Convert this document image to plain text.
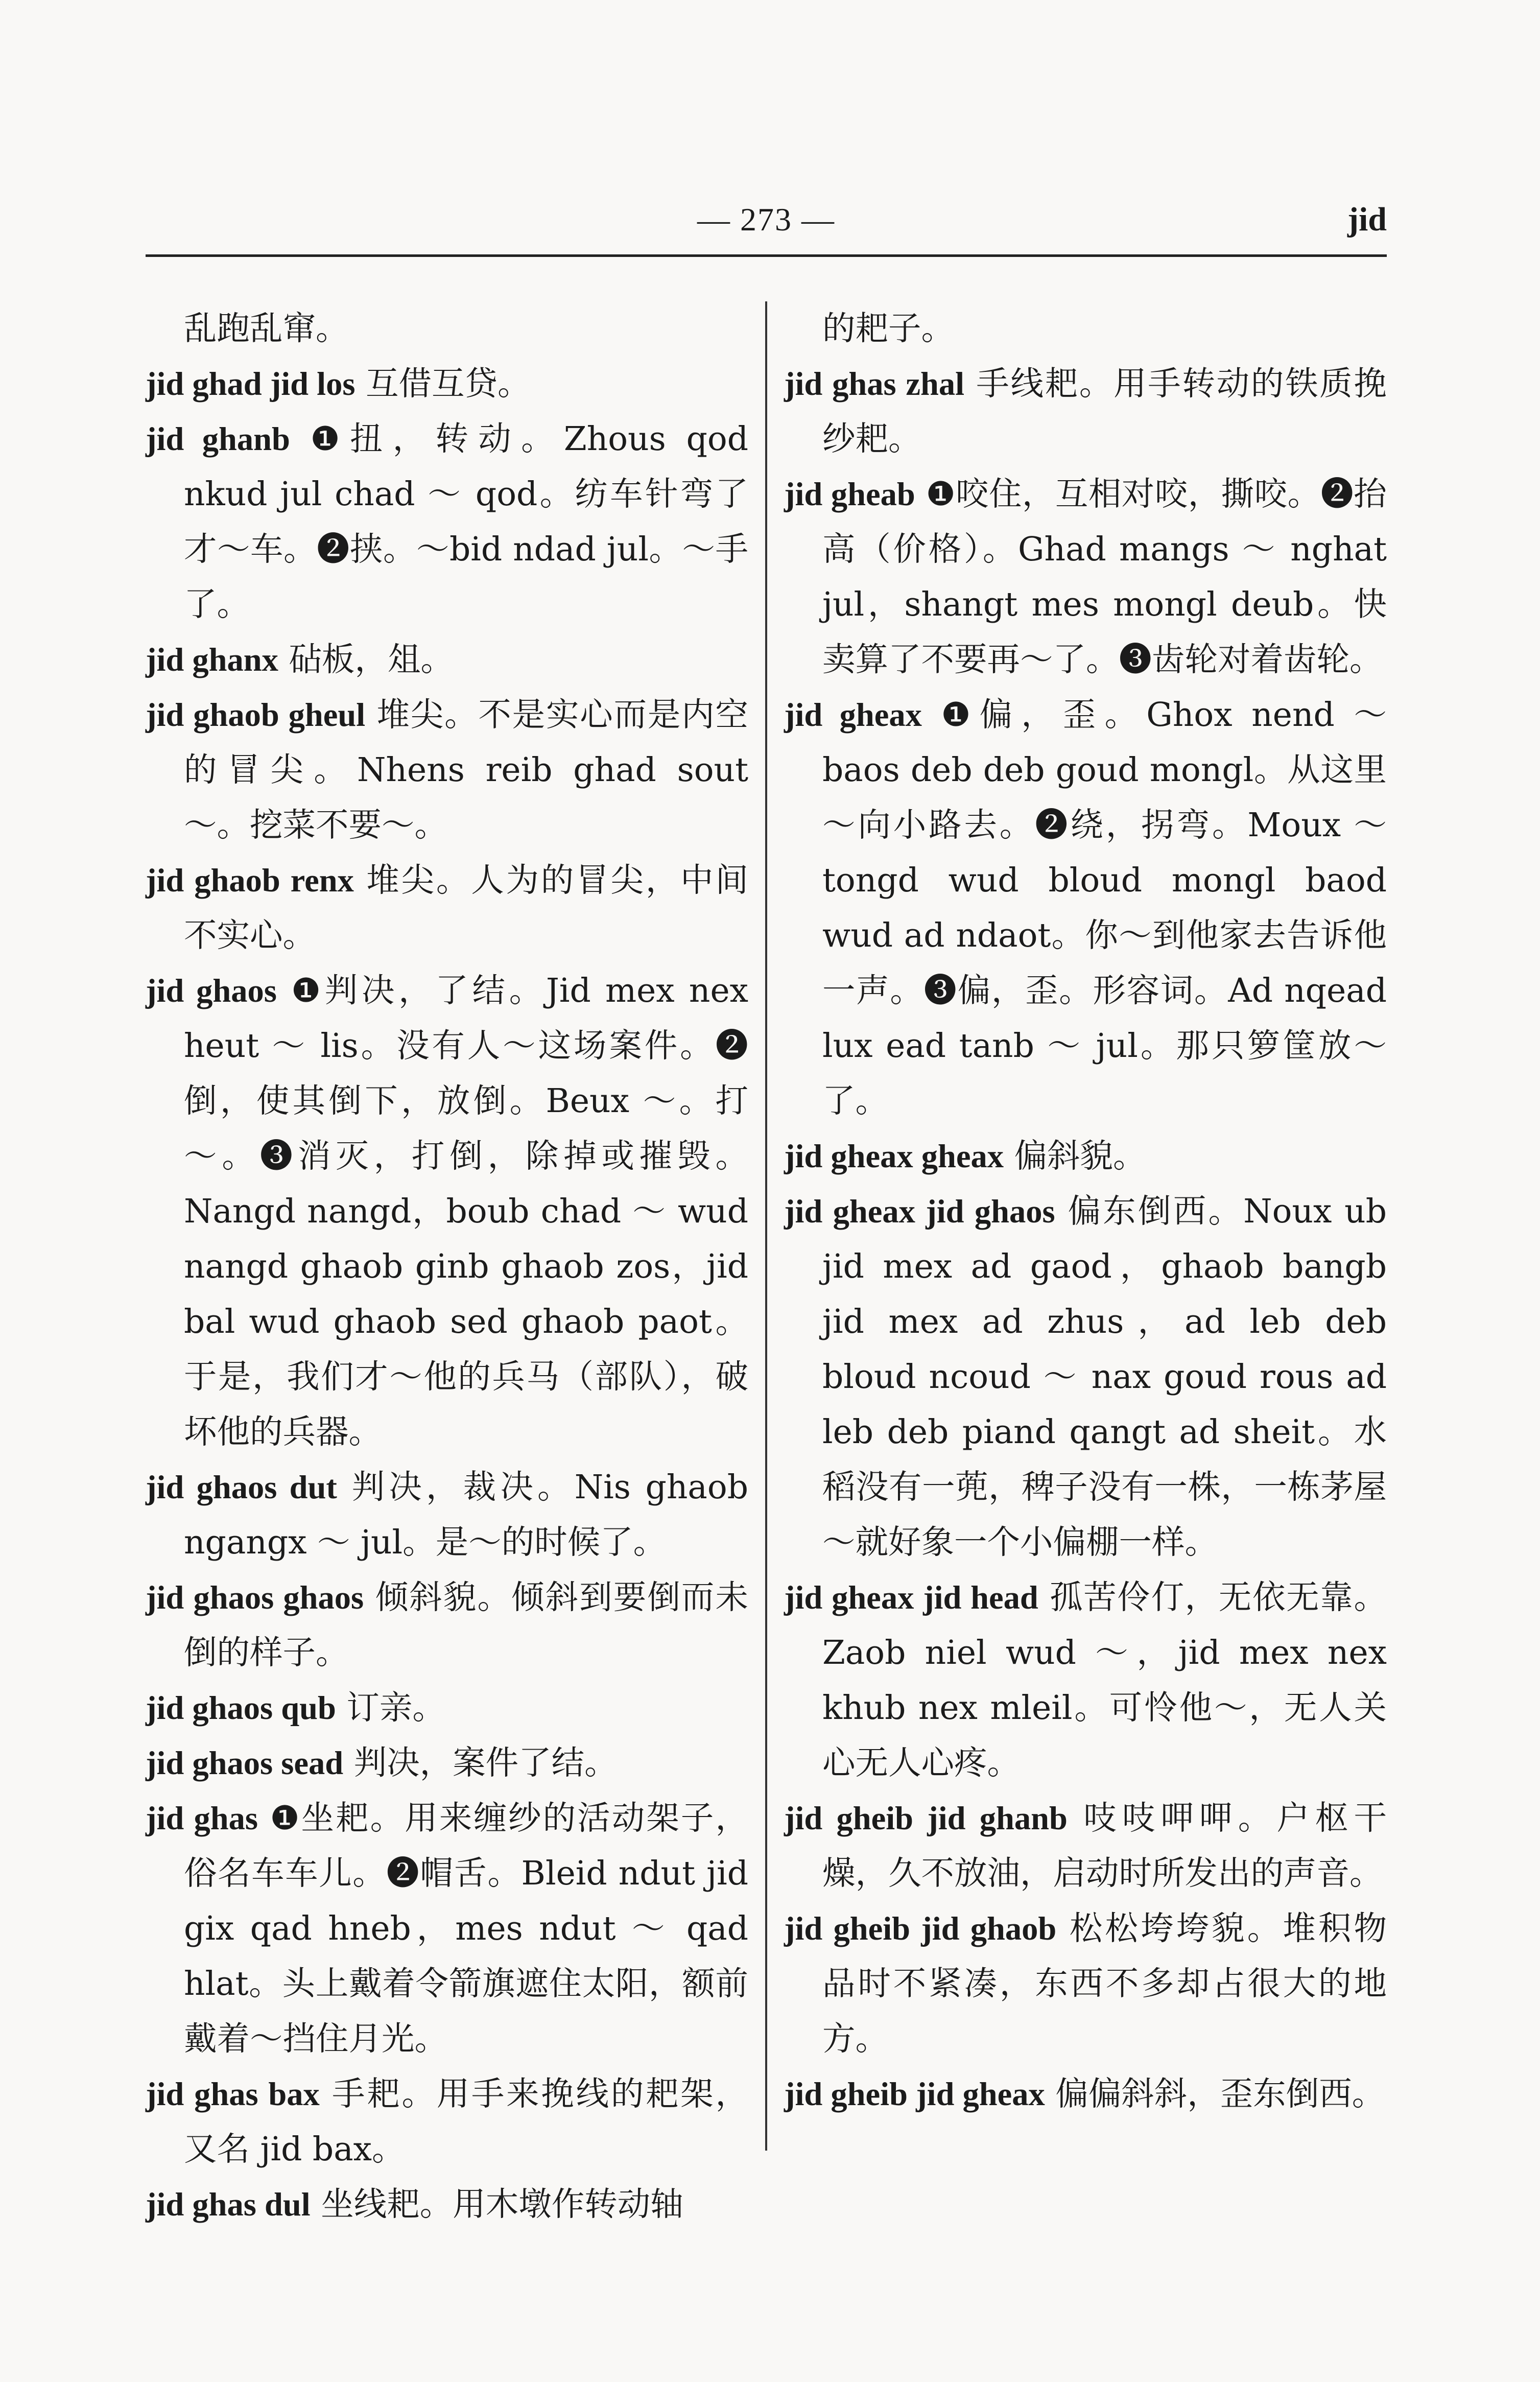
— 273 —	jid
乱跑乱窜。
jid ghad jid los 互借互贷。
jid ghanb ❶扭，转动。Zhous qod nkud jul chad ～ qod。纺车针弯了才～车。❷挟。～bid ndad jul。～手了。
jid ghanx 砧板，俎。
jid ghaob gheul 堆尖。不是实心而是内空的冒尖。Nhens reib ghad sout ～。挖菜不要～。
jid ghaob renx 堆尖。人为的冒尖，中间不实心。
jid ghaos ❶判决，了结。Jid mex nex heut ～ lis。没有人～这场案件。❷倒，使其倒下，放倒。Beux ～。打～。❸消灭，打倒，除掉或摧毁。Nangd nangd，boub chad ～ wud nangd ghaob ginb ghaob zos，jid bal wud ghaob sed ghaob paot。于是，我们才～他的兵马（部队），破坏他的兵器。
jid ghaos dut 判决，裁决。Nis ghaob ngangx ～ jul。是～的时候了。
jid ghaos ghaos 倾斜貌。倾斜到要倒而未倒的样子。
jid ghaos qub 订亲。
jid ghaos sead 判决，案件了结。
jid ghas ❶坐耙。用来缠纱的活动架子，俗名车车儿。❷帽舌。Bleid ndut jid gix qad hneb，mes ndut ～ qad hlat。头上戴着令箭旗遮住太阳，额前戴着～挡住月光。
jid ghas bax 手耙。用手来挽线的耙架，又名 jid bax。
jid ghas dul 坐线耙。用木墩作转动轴
的耙子。
jid ghas zhal 手线耙。用手转动的铁质挽纱耙。
jid gheab ❶咬住，互相对咬，撕咬。❷抬高（价格）。Ghad mangs ～ nghat jul，shangt mes mongl deub。快卖算了不要再～了。❸齿轮对着齿轮。
jid gheax ❶偏，歪。Ghox nend ～ baos deb deb goud mongl。从这里～向小路去。❷绕，拐弯。Moux ～ tongd wud bloud mongl baod wud ad ndaot。你～到他家去告诉他一声。❸偏，歪。形容词。Ad nqead lux ead tanb ～ jul。那只箩筐放～了。
jid gheax gheax 偏斜貌。
jid gheax jid ghaos 偏东倒西。Noux ub jid mex ad gaod，ghaob bangb jid mex ad zhus，ad leb deb bloud ncoud ～ nax goud rous ad leb deb piand qangt ad sheit。水稻没有一蔸，稗子没有一株，一栋茅屋～就好象一个小偏棚一样。
jid gheax jid head 孤苦伶仃，无依无靠。Zaob niel wud ～，jid mex nex khub nex mleil。可怜他～，无人关心无人心疼。
jid gheib jid ghanb 吱吱呷呷。户枢干燥，久不放油，启动时所发出的声音。
jid gheib jid ghaob 松松垮垮貌。堆积物品时不紧凑，东西不多却占很大的地方。
jid gheib jid gheax 偏偏斜斜，歪东倒西。
